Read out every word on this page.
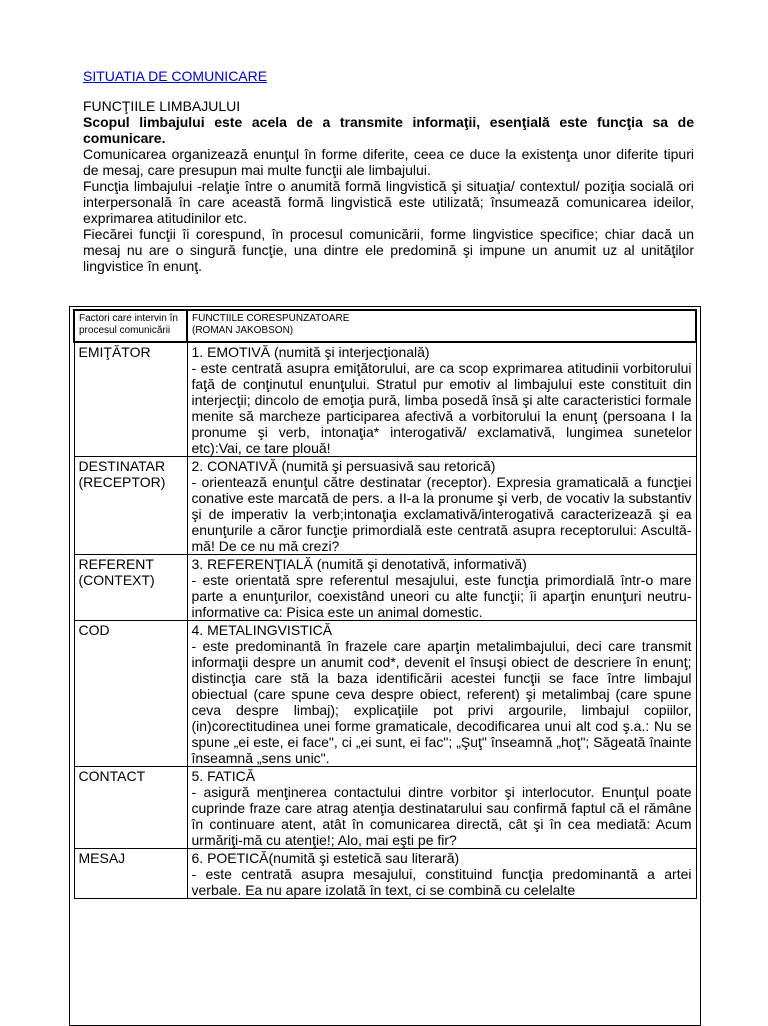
SITUATIA DE COMUNICARE

FUNCŢIILE LIMBAJULUI

Scopul limbajului este acela de a transmite informaţii, esenţială este funcţia sa de comunicare.

Comunicarea organizează enunţul în forme diferite, ceea ce duce la existenţa unor diferite tipuri de mesaj, care presupun mai multe funcţii ale limbajului.

Funcţia limbajului -relaţie între o anumită formă lingvistică şi situaţia/ contextul/ poziţia socială ori interpersonală în care această formă lingvistică este utilizată; însumează comunicarea ideilor, exprimarea atitudinilor etc.

Fiecărei funcţii îi corespund, în procesul comunicării, forme lingvistice specifice; chiar dacă un mesaj nu are o singură funcţie, una dintre ele predomină şi impune un anumit uz al unităţilor lingvistice în enunţ.

Factori care intervin în procesul comunicării	FUNCTIILE CORESPUNZATOARE
(ROMAN JAKOBSON)

EMIŢĂTOR	1. EMOTIVĂ (numită şi interjecţională)
- este centrată asupra emiţătorului, are ca scop exprimarea atitudinii vorbitorului faţă de conţinutul enunţului. Stratul pur emotiv al limbajului este constituit din interjecţii; dincolo de emoţia pură, limba posedă însă şi alte caracteristici formale menite să marcheze participarea afectivă a vorbitorului la enunţ (persoana I la pronume şi verb, intonaţia* interogativă/ exclamativă, lungimea sunetelor etc):Vai, ce tare plouă!

DESTINATAR (RECEPTOR)	2. CONATIVĂ (numită şi persuasivă sau retorică)
- orientează enunţul către destinatar (receptor). Expresia gramaticală a funcţiei conative este marcată de pers. a II-a la pronume şi verb, de vocativ la substantiv şi de imperativ la verb;intonaţia exclamativă/interogativă caracterizează şi ea enunţurile a căror funcţie primordială este centrată asupra receptorului: Ascultă-mă! De ce nu mă crezi?

REFERENT (CONTEXT)	3. REFERENŢIALĂ (numită şi denotativă, informativă)
- este orientată spre referentul mesajului, este funcţia primordială într-o mare parte a enunţurilor, coexistând uneori cu alte funcţii; îi aparţin enunţuri neutru-informative ca: Pisica este un animal domestic.

COD	4. METALINGVISTICĂ
- este predominantă în frazele care aparţin metalimbajului, deci care transmit informaţii despre un anumit cod*, devenit el însuşi obiect de descriere în enunţ; distincţia care stă la baza identificării acestei funcţii se face între limbajul obiectual (care spune ceva despre obiect, referent) şi metalimbaj (care spune ceva despre limbaj); explicaţiile pot privi argourile, limbajul copiilor, (in)corectitudinea unei forme gramaticale, decodificarea unui alt cod ş.a.: Nu se spune „ei este, ei face", ci „ei sunt, ei fac"; „Şuţ" înseamnă „hoţ"; Săgeată înainte înseamnă „sens unic".

CONTACT	5. FATICĂ
- asigură menţinerea contactului dintre vorbitor şi interlocutor. Enunţul poate cuprinde fraze care atrag atenţia destinatarului sau confirmă faptul că el rămâne în continuare atent, atât în comunicarea directă, cât şi în cea mediată: Acum urmăriţi-mă cu atenţie!; Alo, mai eşti pe fir?

MESAJ	6. POETICĂ(numită şi estetică sau literară)
- este centrată asupra mesajului, constituind funcţia predominantă a artei verbale. Ea nu apare izolată în text, ci se combină cu celelalte
